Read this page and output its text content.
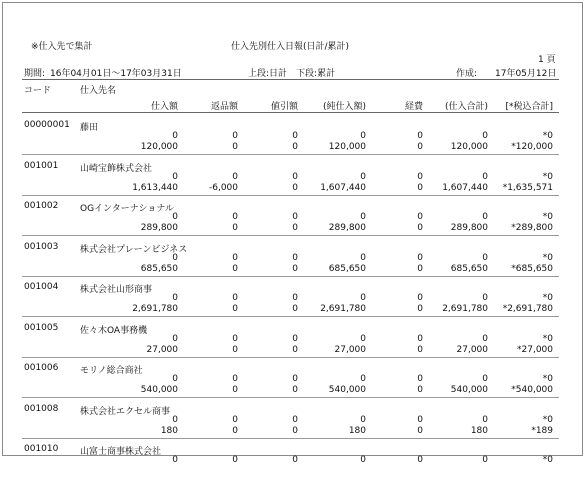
※仕入先で集計	仕入先別仕入日報(日計/累計)
1 頁
期間: 16年04月01日～17年03月31日	上段:日計　下段:累計	作成: 17年05月12日
コード	仕入先名
仕入額	返品額	値引額	(純仕入額)	経費 (仕入合計) [*税込合計]
00000001 藤田
0	0	0	0	0	0	*0
120,000	0	0	120,000	0	120,000	*120,000
001001 山崎宝飾株式会社
0	0	0	0	0	0	*0
1,613,440	-6,000	0 1,607,440	0 1,607,440 *1,635,571
001002 OGインターナショナル
0	0	0	0	0	0	*0
289,800	0	0	289,800	0	289,800	*289,800
001003 株式会社プレーンビジネス
0	0	0	0	0	0	*0
685,650	0	0	685,650	0	685,650	*685,650
001004 株式会社山形商事
0	0	0	0	0	0	*0
2,691,780	0	0 2,691,780	0 2,691,780 *2,691,780
001005 佐々木OA事務機
0	0	0	0	0	0	*0
27,000	0	0	27,000	0	27,000	*27,000
001006 モリノ総合商社
0	0	0	0	0	0	*0
540,000	0	0	540,000	0	540,000	*540,000
001008 株式会社エクセル商事
0	0	0	0	0	0	*0
180	0	0	180	0	180	*189
001010 山富士商事株式会社
0	0	0	0	0	0	*0
